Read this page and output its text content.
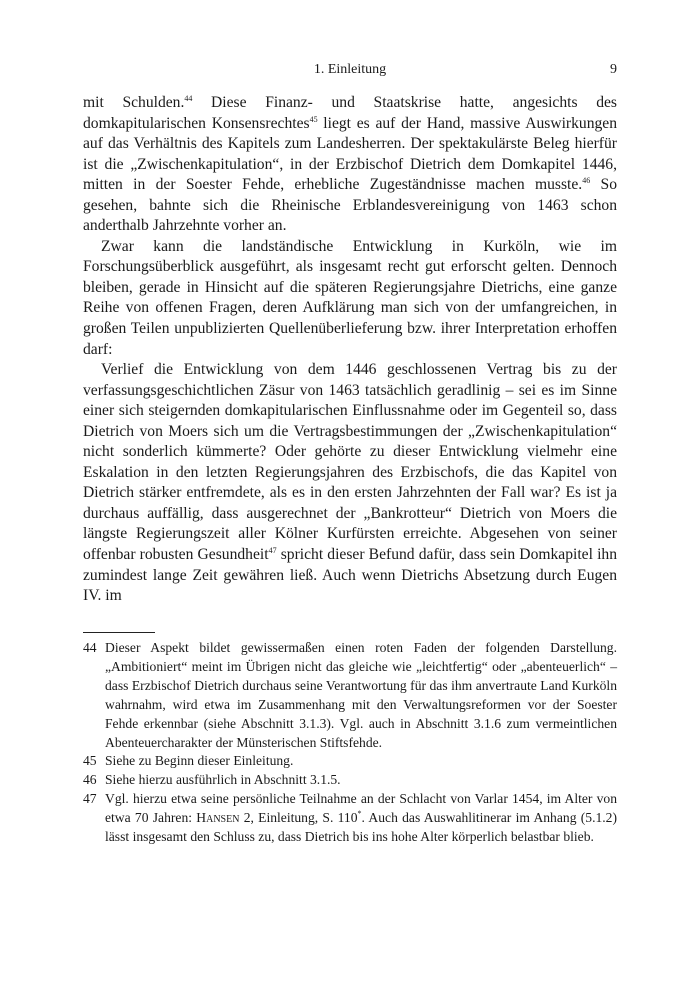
1. Einleitung	9

mit Schulden.$^{44}$ Diese Finanz- und Staatskrise hatte, angesichts des domkapitularischen Konsensrechtes$^{45}$ liegt es auf der Hand, massive Auswirkungen auf das Verhältnis des Kapitels zum Landesherren. Der spektakulärste Beleg hierfür ist die „Zwischenkapitulation“, in der Erzbischof Dietrich dem Domkapitel 1446, mitten in der Soester Fehde, erhebliche Zugeständnisse machen musste.$^{46}$ So gesehen, bahnte sich die Rheinische Erblandesvereinigung von 1463 schon anderthalb Jahrzehnte vorher an.

Zwar kann die landständische Entwicklung in Kurköln, wie im Forschungsüberblick ausgeführt, als insgesamt recht gut erforscht gelten. Dennoch bleiben, gerade in Hinsicht auf die späteren Regierungsjahre Dietrichs, eine ganze Reihe von offenen Fragen, deren Aufklärung man sich von der umfangreichen, in großen Teilen unpublizierten Quellenüberlieferung bzw. ihrer Interpretation erhoffen darf:

Verlief die Entwicklung von dem 1446 geschlossenen Vertrag bis zu der verfassungsgeschichtlichen Zäsur von 1463 tatsächlich geradlinig – sei es im Sinne einer sich steigernden domkapitularischen Einflussnahme oder im Gegenteil so, dass Dietrich von Moers sich um die Vertragsbestimmungen der „Zwischenkapitulation“ nicht sonderlich kümmerte? Oder gehörte zu dieser Entwicklung vielmehr eine Eskalation in den letzten Regierungsjahren des Erzbischofs, die das Kapitel von Dietrich stärker entfremdete, als es in den ersten Jahrzehnten der Fall war? Es ist ja durchaus auffällig, dass ausgerechnet der „Bankrotteur“ Dietrich von Moers die längste Regierungszeit aller Kölner Kurfürsten erreichte. Abgesehen von seiner offenbar robusten Gesundheit$^{47}$ spricht dieser Befund dafür, dass sein Domkapitel ihn zumindest lange Zeit gewähren ließ. Auch wenn Dietrichs Absetzung durch Eugen IV. im

44 Dieser Aspekt bildet gewissermaßen einen roten Faden der folgenden Darstellung. „Ambitioniert“ meint im Übrigen nicht das gleiche wie „leichtfertig“ oder „abenteuerlich“ – dass Erzbischof Dietrich durchaus seine Verantwortung für das ihm anvertraute Land Kurköln wahrnahm, wird etwa im Zusammenhang mit den Verwaltungsreformen vor der Soester Fehde erkennbar (siehe Abschnitt 3.1.3). Vgl. auch in Abschnitt 3.1.6 zum vermeintlichen Abenteuercharakter der Münsterischen Stiftsfehde.

45 Siehe zu Beginn dieser Einleitung.

46 Siehe hierzu ausführlich in Abschnitt 3.1.5.

47 Vgl. hierzu etwa seine persönliche Teilnahme an der Schlacht von Varlar 1454, im Alter von etwa 70 Jahren: Hansen 2, Einleitung, S. 110*. Auch das Auswahlitinerar im Anhang (5.1.2) lässt insgesamt den Schluss zu, dass Dietrich bis ins hohe Alter körperlich belastbar blieb.
